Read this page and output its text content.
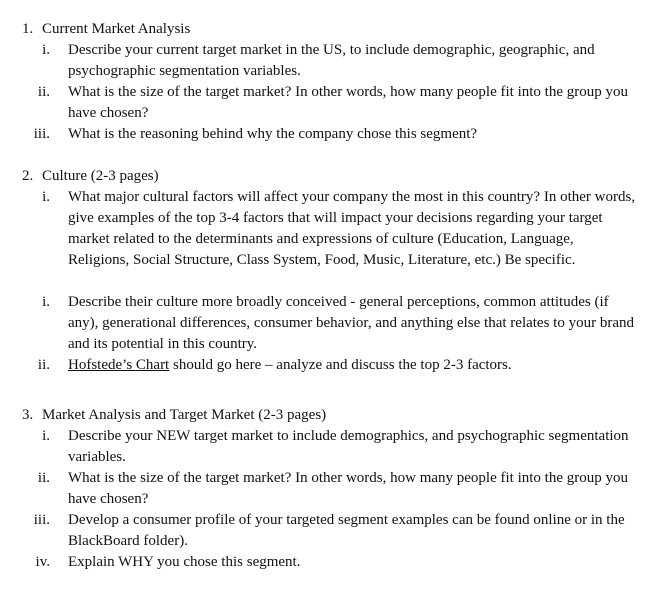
1. Current Market Analysis
i. Describe your current target market in the US, to include demographic, geographic, and psychographic segmentation variables.
ii. What is the size of the target market? In other words, how many people fit into the group you have chosen?
iii. What is the reasoning behind why the company chose this segment?
2. Culture (2-3 pages)
i. What major cultural factors will affect your company the most in this country? In other words, give examples of the top 3-4 factors that will impact your decisions regarding your target market related to the determinants and expressions of culture (Education, Language, Religions, Social Structure, Class System, Food, Music, Literature, etc.) Be specific.
i. Describe their culture more broadly conceived - general perceptions, common attitudes (if any), generational differences, consumer behavior, and anything else that relates to your brand and its potential in this country.
ii. Hofstede’s Chart should go here – analyze and discuss the top 2-3 factors.
3. Market Analysis and Target Market (2-3 pages)
i. Describe your NEW target market to include demographics, and psychographic segmentation variables.
ii. What is the size of the target market? In other words, how many people fit into the group you have chosen?
iii. Develop a consumer profile of your targeted segment examples can be found online or in the BlackBoard folder).
iv. Explain WHY you chose this segment.
